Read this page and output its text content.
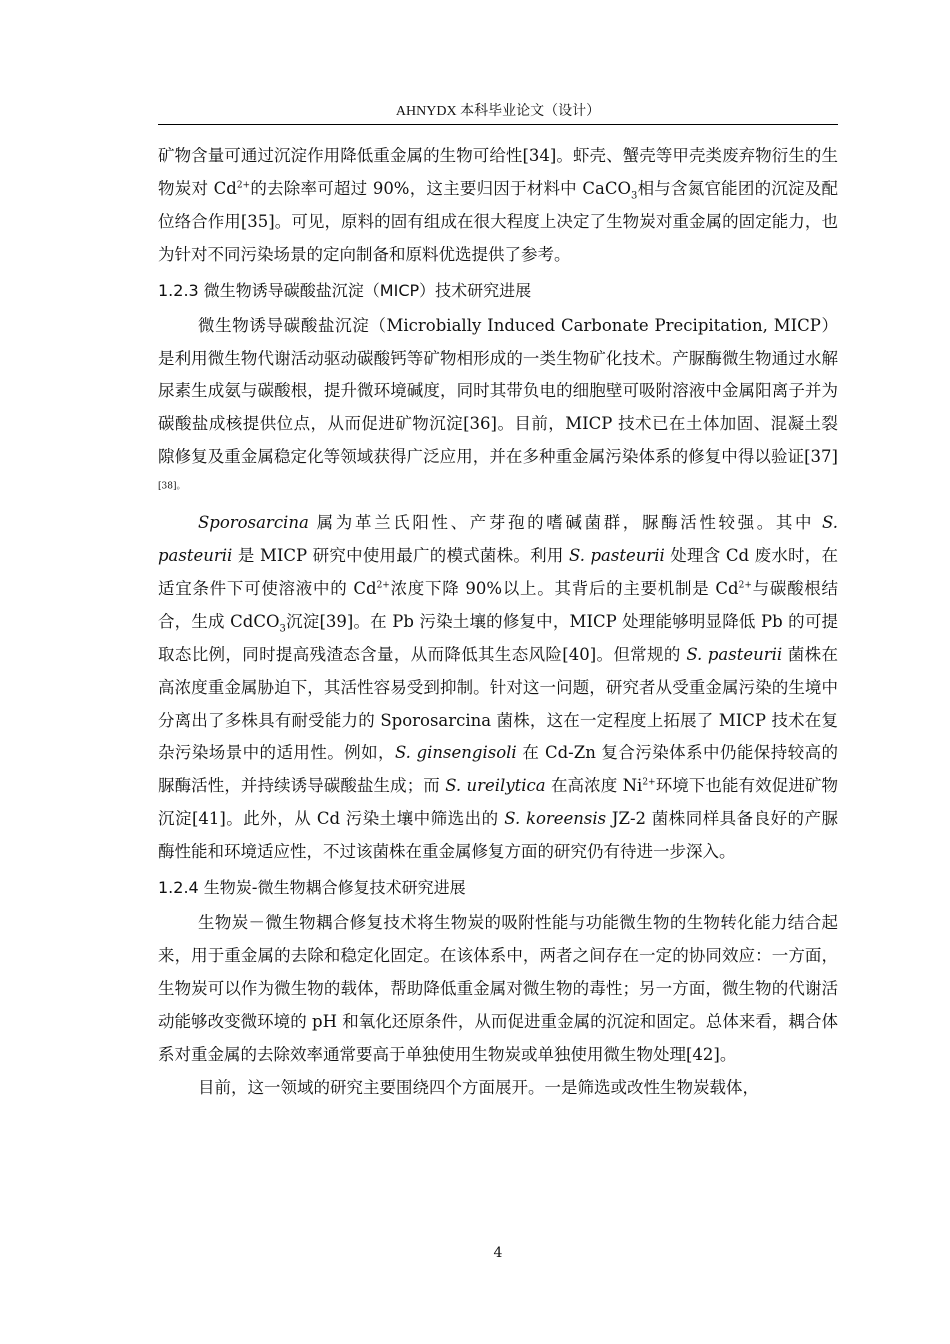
AHNYDX 本科毕业论文（设计）

矿物含量可通过沉淀作用降低重金属的生物可给性[34]。虾壳、蟹壳等甲壳类废弃物衍生的生物炭对 $Cd^{2+}$的去除率可超过 90%，这主要归因于材料中 CaCO$_3$相与含氮官能团的沉淀及配位络合作用[35]。可见，原料的固有组成在很大程度上决定了生物炭对重金属的固定能力，也为针对不同污染场景的定向制备和原料优选提供了参考。

1.2.3 微生物诱导碳酸盐沉淀（MICP）技术研究进展

微生物诱导碳酸盐沉淀（Microbially Induced Carbonate Precipitation, MICP）是利用微生物代谢活动驱动碳酸钙等矿物相形成的一类生物矿化技术。产脲酶微生物通过水解尿素生成氨与碳酸根，提升微环境碱度，同时其带负电的细胞壁可吸附溶液中金属阳离子并为碳酸盐成核提供位点，从而促进矿物沉淀[36]。目前，MICP 技术已在土体加固、混凝土裂隙修复及重金属稳定化等领域获得广泛应用，并在多种重金属污染体系的修复中得以验证$[37]^{[38]。}$

Sporosarcina 属为革兰氏阳性、产芽孢的嗜碱菌群，脲酶活性较强。其中 S. pasteurii 是 MICP 研究中使用最广的模式菌株。利用 S. pasteurii 处理含 Cd 废水时，在适宜条件下可使溶液中的 $Cd^{2+}$浓度下降 90%以上。其背后的主要机制是 $Cd^{2+}$与碳酸根结合，生成 CdCO$_3$沉淀[39]。在 Pb 污染土壤的修复中，MICP 处理能够明显降低 Pb 的可提取态比例，同时提高残渣态含量，从而降低其生态风险[40]。但常规的 S. pasteurii 菌株在高浓度重金属胁迫下，其活性容易受到抑制。针对这一问题，研究者从受重金属污染的生境中分离出了多株具有耐受能力的 Sporosarcina 菌株，这在一定程度上拓展了 MICP 技术在复杂污染场景中的适用性。例如，S. ginsengisoli 在 Cd-Zn 复合污染体系中仍能保持较高的脲酶活性，并持续诱导碳酸盐生成；而 S. ureilytica 在高浓度 $Ni^{2+}$环境下也能有效促进矿物沉淀[41]。此外，从 Cd 污染土壤中筛选出的 S. koreensis JZ-2 菌株同样具备良好的产脲酶性能和环境适应性，不过该菌株在重金属修复方面的研究仍有待进一步深入。

1.2.4 生物炭-微生物耦合修复技术研究进展

生物炭－微生物耦合修复技术将生物炭的吸附性能与功能微生物的生物转化能力结合起来，用于重金属的去除和稳定化固定。在该体系中，两者之间存在一定的协同效应：一方面，生物炭可以作为微生物的载体，帮助降低重金属对微生物的毒性；另一方面，微生物的代谢活动能够改变微环境的 pH 和氧化还原条件，从而促进重金属的沉淀和固定。总体来看，耦合体系对重金属的去除效率通常要高于单独使用生物炭或单独使用微生物处理[42]。

目前，这一领域的研究主要围绕四个方面展开。一是筛选或改性生物炭载体，

4
